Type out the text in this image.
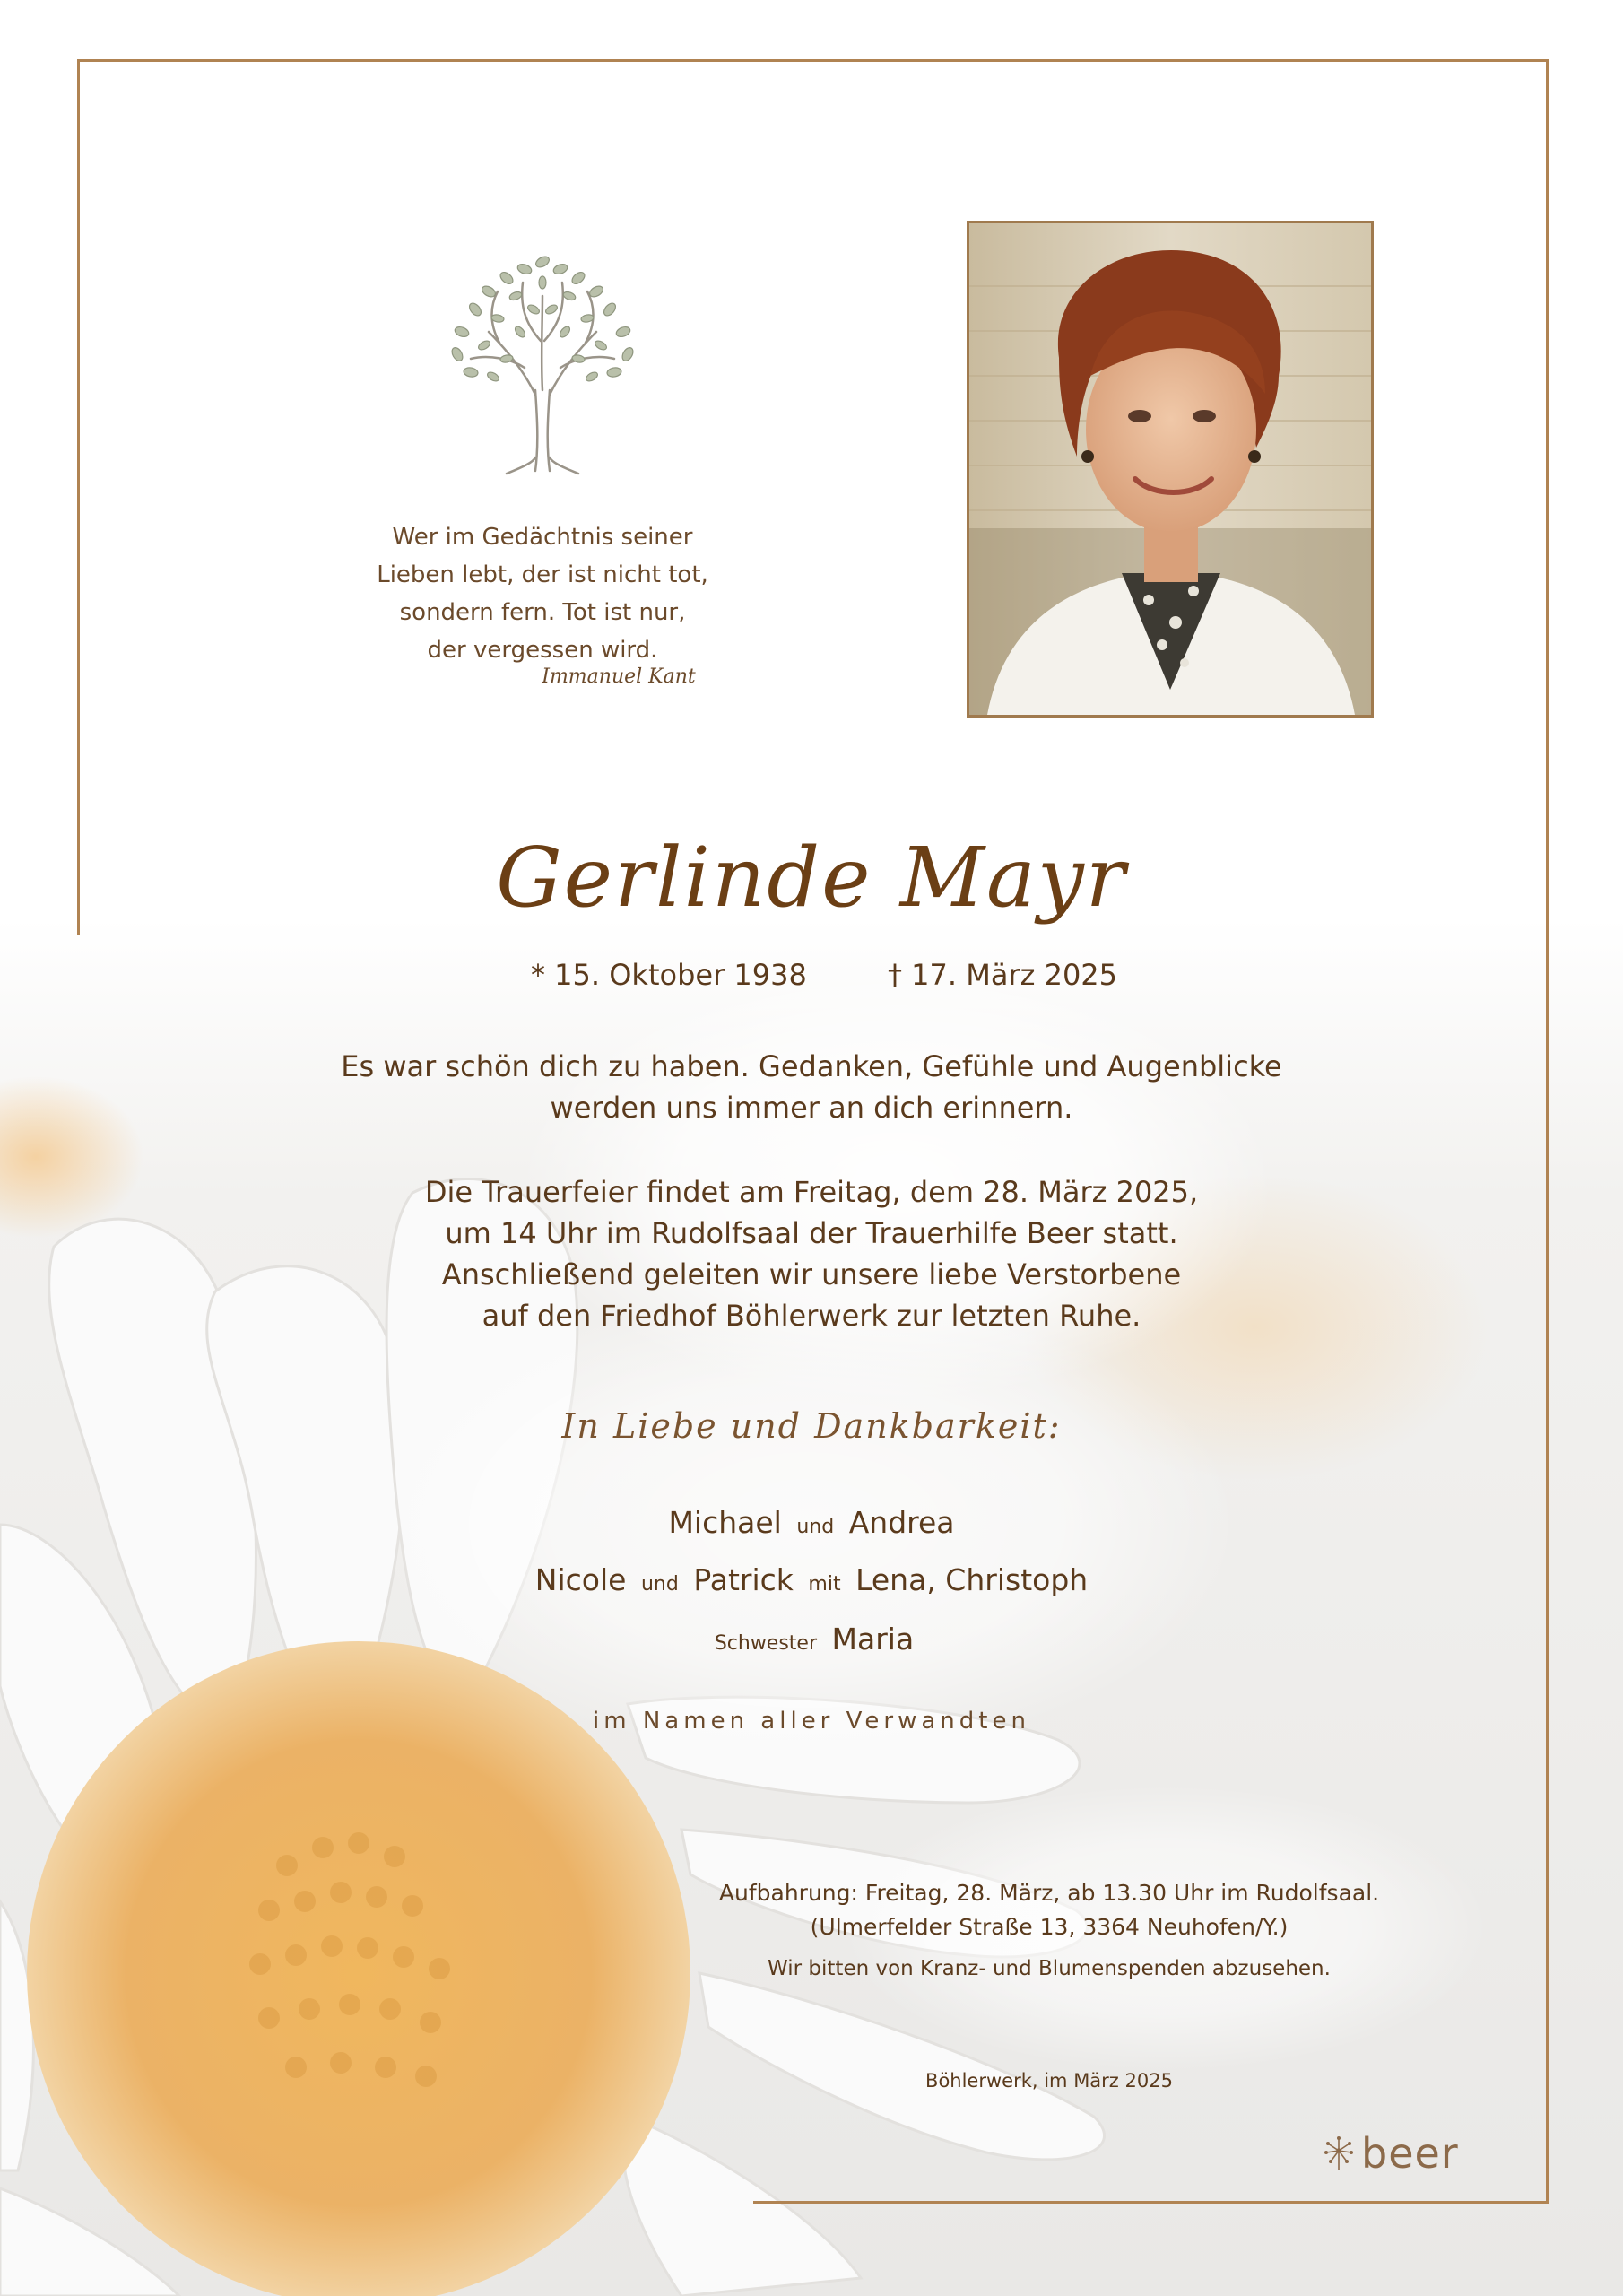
Wer im Gedächtnis seiner
Lieben lebt, der ist nicht tot,
sondern fern. Tot ist nur,
der vergessen wird.
Immanuel Kant
Gerlinde Mayr
* 15. Oktober 1938	† 17. März 2025
Es war schön dich zu haben. Gedanken, Gefühle und Augenblicke
werden uns immer an dich erinnern.
Die Trauerfeier findet am Freitag, dem 28. März 2025,
um 14 Uhr im Rudolfsaal der Trauerhilfe Beer statt.
Anschließend geleiten wir unsere liebe Verstorbene
auf den Friedhof Böhlerwerk zur letzten Ruhe.
In Liebe und Dankbarkeit:
Michael und Andrea
Nicole und Patrick mit Lena, Christoph
Schwester Maria
im Namen aller Verwandten
Aufbahrung: Freitag, 28. März, ab 13.30 Uhr im Rudolfsaal.
(Ulmerfelder Straße 13, 3364 Neuhofen/Y.)
Wir bitten von Kranz- und Blumenspenden abzusehen.
Böhlerwerk, im März 2025
beer
